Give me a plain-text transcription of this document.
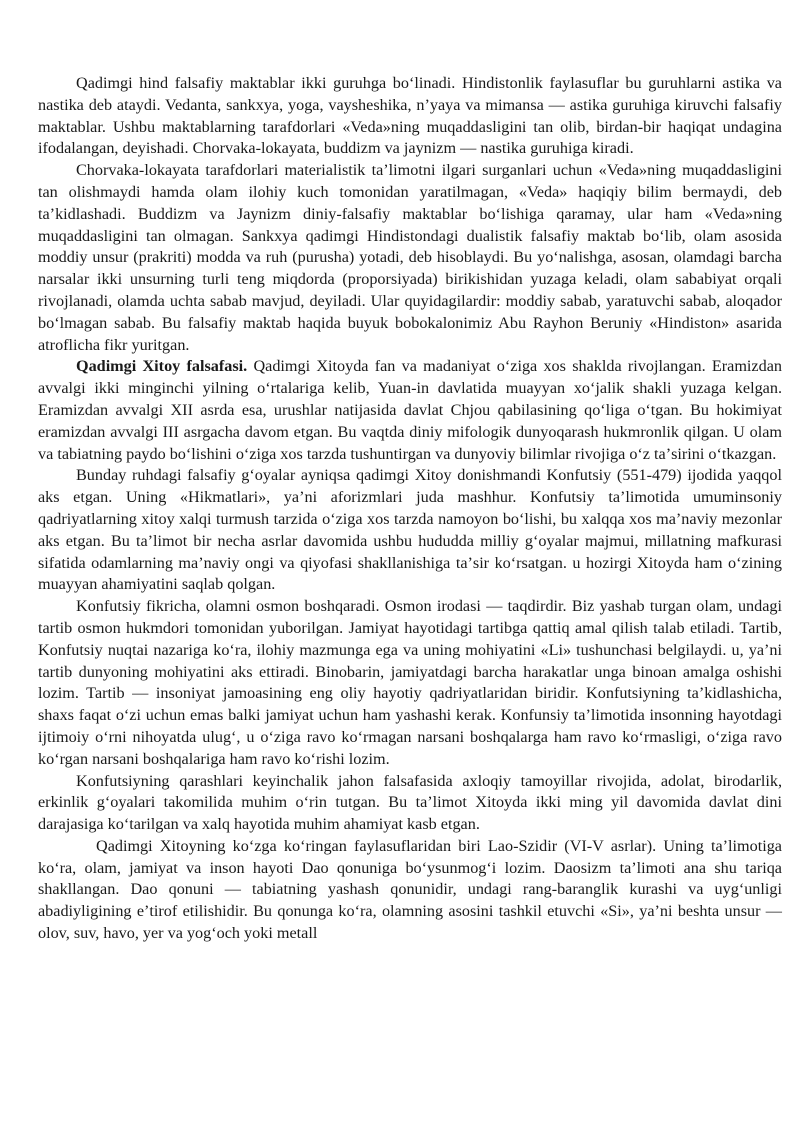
Qadimgi hind falsafiy maktablar ikki guruhga boʻlinadi. Hindistonlik faylasuflar bu guruhlarni astika va nastika deb ataydi. Vedanta, sankxya, yoga, vaysheshika, nʼyaya va mimansa — astika guruhiga kiruvchi falsafiy maktablar. Ushbu maktablarning tarafdorlari «Veda»ning muqaddasligini tan olib, birdan-bir haqiqat undagina ifodalangan, deyishadi. Chorvaka-lokayata, buddizm va jaynizm — nastika guruhiga kiradi.

Chorvaka-lokayata tarafdorlari materialistik taʼlimotni ilgari surganlari uchun «Veda»ning muqaddasligini tan olishmaydi hamda olam ilohiy kuch tomonidan yaratilmagan, «Veda» haqiqiy bilim bermaydi, deb taʼkidlashadi. Buddizm va Jaynizm diniy-falsafiy maktablar boʻlishiga qaramay, ular ham «Veda»ning muqaddasligini tan olmagan. Sankxya qadimgi Hindistondagi dualistik falsafiy maktab boʻlib, olam asosida moddiy unsur (prakriti) modda va ruh (purusha) yotadi, deb hisoblaydi. Bu yoʻnalishga, asosan, olamdagi barcha narsalar ikki unsurning turli teng miqdorda (proporsiyada) birikishidan yuzaga keladi, olam sababiyat orqali rivojlanadi, olamda uchta sabab mavjud, deyiladi. Ular quyidagilardir: moddiy sabab, yaratuvchi sabab, aloqador boʻlmagan sabab. Bu falsafiy maktab haqida buyuk bobokalonimiz Abu Rayhon Beruniy «Hindiston» asarida atroflicha fikr yuritgan.

Qadimgi Xitoy falsafasi. Qadimgi Xitoyda fan va madaniyat oʻziga xos shaklda rivojlangan. Eramizdan avvalgi ikki minginchi yilning oʻrtalariga kelib, Yuan-in davlatida muayyan xoʻjalik shakli yuzaga kelgan. Eramizdan avvalgi XII asrda esa, urushlar natijasida davlat Chjou qabilasining qoʻliga oʻtgan. Bu hokimiyat eramizdan avvalgi III asrgacha davom etgan. Bu vaqtda diniy mifologik dunyoqarash hukmronlik qilgan. U olam va tabiatning paydo boʻlishini oʻziga xos tarzda tushuntirgan va dunyoviy bilimlar rivojiga oʻz taʼsirini oʻtkazgan.

Bunday ruhdagi falsafiy gʻoyalar ayniqsa qadimgi Xitoy donishmandi Konfutsiy (551-479) ijodida yaqqol aks etgan. Uning «Hikmatlari», yaʼni aforizmlari juda mashhur. Konfutsiy taʼlimotida umuminsoniy qadriyatlarning xitoy xalqi turmush tarzida oʻziga xos tarzda namoyon boʻlishi, bu xalqqa xos maʼnaviy mezonlar aks etgan. Bu taʼlimot bir necha asrlar davomida ushbu hududda milliy gʻoyalar majmui, millatning mafkurasi sifatida odamlarning maʼnaviy ongi va qiyofasi shakllanishiga taʼsir koʻrsatgan. u hozirgi Xitoyda ham oʻzining muayyan ahamiyatini saqlab qolgan.

Konfutsiy fikricha, olamni osmon boshqaradi. Osmon irodasi — taqdirdir. Biz yashab turgan olam, undagi tartib osmon hukmdori tomonidan yuborilgan. Jamiyat hayotidagi tartibga qattiq amal qilish talab etiladi. Tartib, Konfutsiy nuqtai nazariga koʻra, ilohiy mazmunga ega va uning mohiyatini «Li» tushunchasi belgilaydi. u, yaʼni tartib dunyoning mohiyatini aks ettiradi. Binobarin, jamiyatdagi barcha harakatlar unga binoan amalga oshishi lozim. Tartib — insoniyat jamoasining eng oliy hayotiy qadriyatlaridan biridir. Konfutsiyning taʼkidlashicha, shaxs faqat oʻzi uchun emas balki jamiyat uchun ham yashashi kerak. Konfunsiy taʼlimotida insonning hayotdagi ijtimoiy oʻrni nihoyatda ulugʻ, u oʻziga ravo koʻrmagan narsani boshqalarga ham ravo koʻrmasligi, oʻziga ravo koʻrgan narsani boshqalariga ham ravo koʻrishi lozim.

Konfutsiyning qarashlari keyinchalik jahon falsafasida axloqiy tamoyillar rivojida, adolat, birodarlik, erkinlik gʻoyalari takomilida muhim oʻrin tutgan. Bu taʼlimot Xitoyda ikki ming yil davomida davlat dini darajasiga koʻtarilgan va xalq hayotida muhim ahamiyat kasb etgan.

Qadimgi Xitoyning koʻzga koʻringan faylasuflaridan biri Lao-Szidir (VI-V asrlar). Uning taʼlimotiga koʻra, olam, jamiyat va inson hayoti Dao qonuniga boʻysunmogʻi lozim. Daosizm taʼlimoti ana shu tariqa shakllangan. Dao qonuni — tabiatning yashash qonunidir, undagi rang-baranglik kurashi va uygʻunligi abadiyligining eʼtirof etilishidir. Bu qonunga koʻra, olamning asosini tashkil etuvchi «Si», yaʼni beshta unsur — olov, suv, havo, yer va yogʻoch yoki metall
